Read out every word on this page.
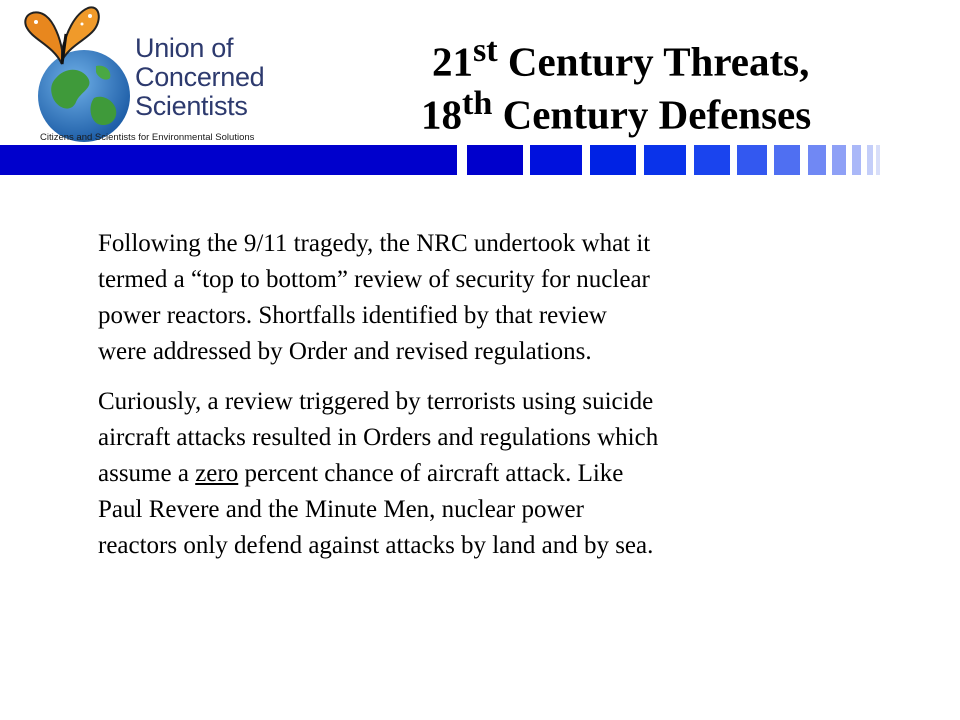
Union of
Concerned
Scientists
Citizens and Scientists for Environmental Solutions
21st Century Threats,
18th Century Defenses

Following the 9/11 tragedy, the NRC undertook what it
termed a “top to bottom” review of security for nuclear
power reactors. Shortfalls identified by that review
were addressed by Order and revised regulations.

Curiously, a review triggered by terrorists using suicide
aircraft attacks resulted in Orders and regulations which
assume a zero percent chance of aircraft attack. Like
Paul Revere and the Minute Men, nuclear power
reactors only defend against attacks by land and by sea.
